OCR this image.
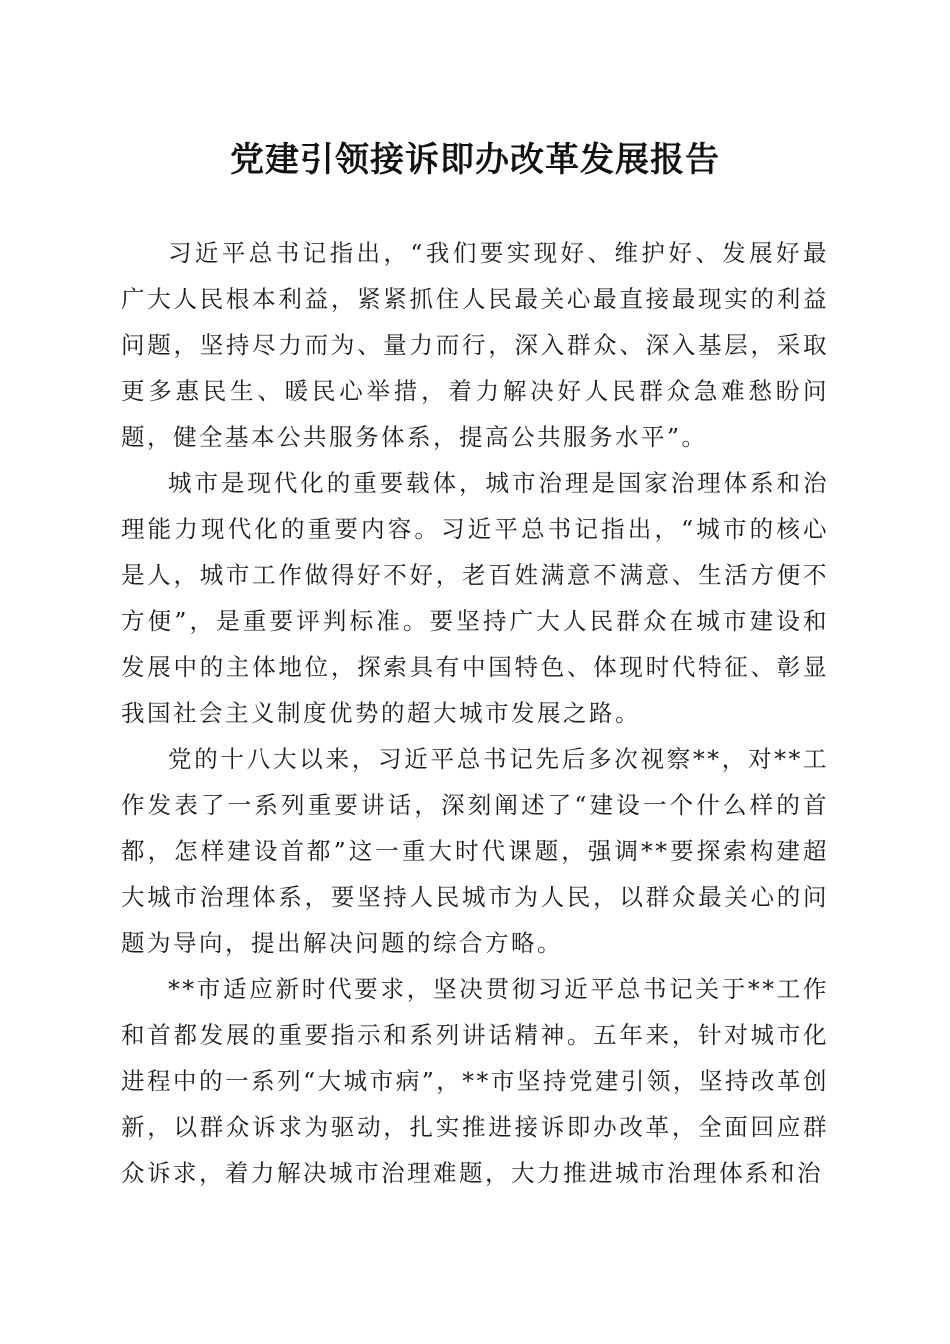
党建引领接诉即办改革发展报告

习近平总书记指出，“我们要实现好、维护好、发展好最广大人民根本利益，紧紧抓住人民最关心最直接最现实的利益问题，坚持尽力而为、量力而行，深入群众、深入基层，采取更多惠民生、暖民心举措，着力解决好人民群众急难愁盼问题，健全基本公共服务体系，提高公共服务水平”。

城市是现代化的重要载体，城市治理是国家治理体系和治理能力现代化的重要内容。习近平总书记指出，“城市的核心是人，城市工作做得好不好，老百姓满意不满意、生活方便不方便”，是重要评判标准。要坚持广大人民群众在城市建设和发展中的主体地位，探索具有中国特色、体现时代特征、彰显我国社会主义制度优势的超大城市发展之路。

党的十八大以来，习近平总书记先后多次视察**，对**工作发表了一系列重要讲话，深刻阐述了“建设一个什么样的首都，怎样建设首都”这一重大时代课题，强调**要探索构建超大城市治理体系，要坚持人民城市为人民，以群众最关心的问题为导向，提出解决问题的综合方略。

**市适应新时代要求，坚决贯彻习近平总书记关于**工作和首都发展的重要指示和系列讲话精神。五年来，针对城市化进程中的一系列“大城市病”，**市坚持党建引领，坚持改革创新，以群众诉求为驱动，扎实推进接诉即办改革，全面回应群众诉求，着力解决城市治理难题，大力推进城市治理体系和治
